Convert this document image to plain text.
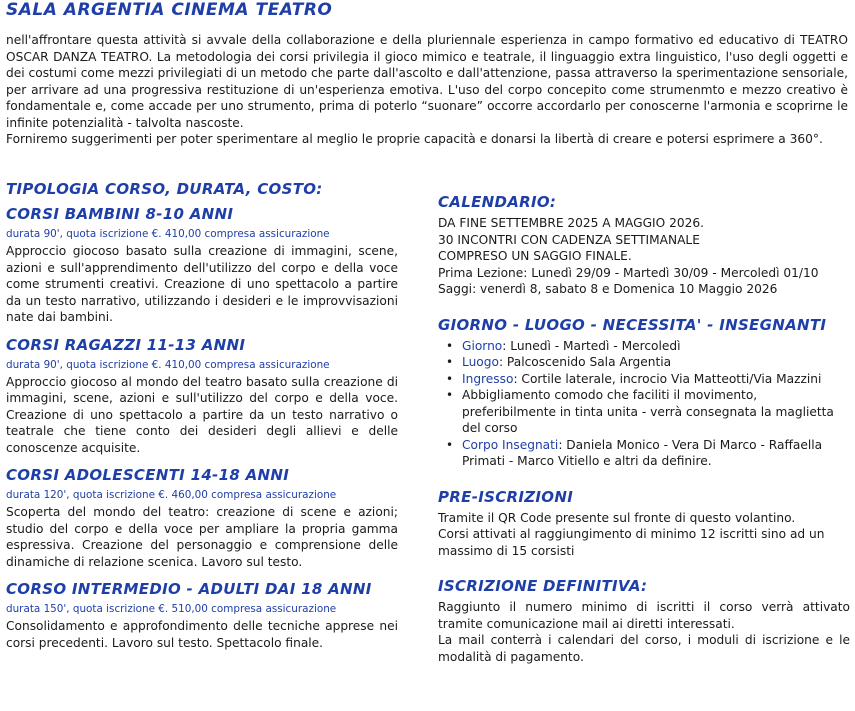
SALA ARGENTIA CINEMA TEATRO

nell'affrontare questa attività si avvale della collaborazione e della pluriennale esperienza in campo formativo ed educativo di TEATRO OSCAR DANZA TEATRO. La metodologia dei corsi privilegia il gioco mimico e teatrale, il linguaggio extra linguistico, l'uso degli oggetti e dei costumi come mezzi privilegiati di un metodo che parte dall'ascolto e dall'attenzione, passa attraverso la sperimentazione sensoriale, per arrivare ad una progressiva restituzione di un'esperienza emotiva. L'uso del corpo concepito come strumenmto e mezzo creativo è fondamentale e, come accade per uno strumento, prima di poterlo “suonare” occorre accordarlo per conoscerne l'armonia e scoprirne le infinite potenzialità - talvolta nascoste.

Forniremo suggerimenti per poter sperimentare al meglio le proprie capacità e donarsi la libertà di creare e potersi esprimere a 360°.

TIPOLOGIA CORSO, DURATA, COSTO:
CORSI BAMBINI 8-10 ANNI

durata 90', quota iscrizione €. 410,00 compresa assicurazione

Approccio giocoso basato sulla creazione di immagini, scene, azioni e sull'apprendimento dell'utilizzo del corpo e della voce come strumenti creativi. Creazione di uno spettacolo a partire da un testo narrativo, utilizzando i desideri e le improvvisazioni nate dai bambini.

CORSI RAGAZZI 11-13 ANNI

durata 90', quota iscrizione €. 410,00 compresa assicurazione

Approccio giocoso al mondo del teatro basato sulla creazione di immagini, scene, azioni e sull'utilizzo del corpo e della voce. Creazione di uno spettacolo a partire da un testo narrativo o teatrale che tiene conto dei desideri degli allievi e delle conoscenze acquisite.

CORSI ADOLESCENTI 14-18 ANNI

durata 120', quota iscrizione €. 460,00 compresa assicurazione

Scoperta del mondo del teatro: creazione di scene e azioni; studio del corpo e della voce per ampliare la propria gamma espressiva. Creazione del personaggio e comprensione delle dinamiche di relazione scenica. Lavoro sul testo.

CORSO INTERMEDIO - ADULTI DAI 18 ANNI

durata 150', quota iscrizione €. 510,00 compresa assicurazione

Consolidamento e approfondimento delle tecniche apprese nei corsi precedenti. Lavoro sul testo. Spettacolo finale.

CALENDARIO:

DA FINE SETTEMBRE 2025 A MAGGIO 2026.

30 INCONTRI CON CADENZA SETTIMANALE

COMPRESO UN SAGGIO FINALE.

Prima Lezione: Lunedì 29/09 - Martedì 30/09 - Mercoledì 01/10

Saggi: venerdì 8, sabato 8 e Domenica 10 Maggio 2026

GIORNO - LUOGO - NECESSITA' - INSEGNANTI
• Giorno: Lunedì - Martedì - Mercoledì
• Luogo: Palcoscenido Sala Argentia
• Ingresso: Cortile laterale, incrocio Via Matteotti/Via Mazzini
• Abbigliamento comodo che faciliti il movimento, preferibilmente in tinta unita - verrà consegnata la maglietta del corso
• Corpo Insegnati: Daniela Monico - Vera Di Marco - Raffaella Primati - Marco Vitiello e altri da definire.
PRE-ISCRIZIONI

Tramite il QR Code presente sul fronte di questo volantino.

Corsi attivati al raggiungimento di minimo 12 iscritti sino ad un massimo di 15 corsisti

ISCRIZIONE DEFINITIVA:

Raggiunto il numero minimo di iscritti il corso verrà attivato tramite comunicazione mail ai diretti interessati.

La mail conterrà i calendari del corso, i moduli di iscrizione e le modalità di pagamento.
